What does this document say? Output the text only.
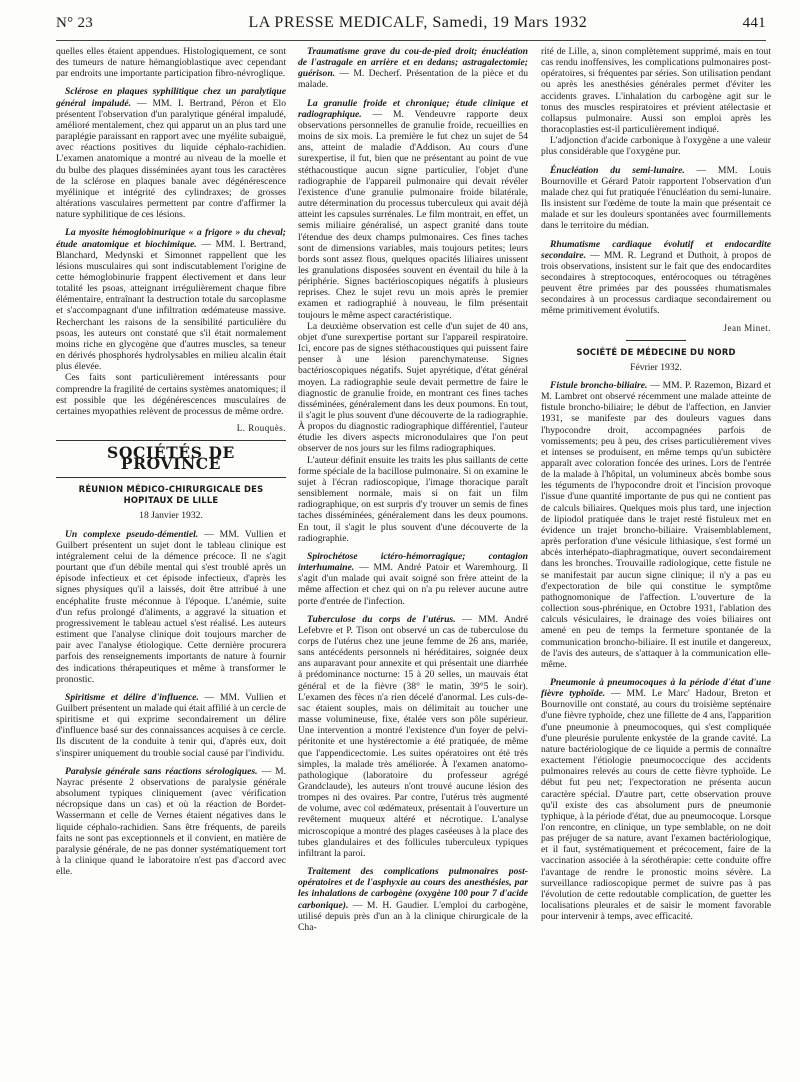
N° 23	LA PRESSE MEDICALF, Samedi, 19 Mars 1932	441

quelles elles étaient appendues. Histologiquement, ce sont des tumeurs de nature hémangioblastique avec cependant par endroits une importante participation fibro-névroglique.

Sclérose en plaques syphilitique chez un paralytique général impaludé. — MM. I. Bertrand, Péron et Elo présentent l'observation d'un paralytique général impaludé, amélioré mentalement, chez qui apparut un an plus tard une paraplégie paraissant en rapport avec une myélite subaiguë, avec réactions positives du liquide céphalo-rachidien. L'examen anatomique a montré au niveau de la moelle et du bulbe des plaques disséminées ayant tous les caractères de la sclérose en plaques banale avec dégénérescence myélinique et intégrité des cylindraxes; de grosses altérations vasculaires permettent par contre d'affirmer la nature syphilitique de ces lésions.

La myosite hémoglobinurique « a frigore » du cheval; étude anatomique et biochimique. — MM. I. Bertrand, Blanchard, Medynski et Simonnet rappellent que les lésions musculaires qui sont indiscutablement l'origine de cette hémoglobinurie frappent électivement et dans leur totalité les psoas, atteignant irrégulièrement chaque fibre élémentaire, entraînant la destruction totale du sarcoplasme et s'accompagnant d'une infiltration œdémateuse massive. Recherchant les raisons de la sensibilité particulière du psoas, les auteurs ont constaté que s'il était normalement moins riche en glycogène que d'autres muscles, sa teneur en dérivés phosphorés hydrolysables en milieu alcalin était plus élevée.

Ces faits sont particulièrement intéressants pour comprendre la fragilité de certains systèmes anatomiques; il est possible que les dégénérescences musculaires de certaines myopathies relèvent de processus de même ordre.

L. Rouquès.
SOCIÉTÉS DE PROVINCE
RÉUNION MÉDICO-CHIRURGICALE DES HOPITAUX DE LILLE
18 Janvier 1932.

Un complexe pseudo-démentiel. — MM. Vullien et Guilbert présentent un sujet dont le tableau clinique est intégralement celui de la démence précoce. Il ne s'agit pourtant que d'un débile mental qui s'est troublé après un épisode infectieux et cet épisode infectieux, d'après les signes physiques qu'il a laissés, doit être attribué à une encéphalite fruste méconnue à l'époque. L'anémie, suite d'un refus prolongé d'aliments, a aggravé la situation et progressivement le tableau actuel s'est réalisé. Les auteurs estiment que l'analyse clinique doit toujours marcher de pair avec l'analyse étiologique. Cette dernière procurera parfois des renseignements importants de nature à fournir des indications thérapeutiques et même à transformer le pronostic.

Spiritisme et délire d'influence. — MM. Vullien et Guilbert présentent un malade qui était affilié à un cercle de spiritisme et qui exprime secondairement un délire d'influence basé sur des connaissances acquises à ce cercle. Ils discutent de la conduite à tenir qui, d'après eux, doit s'inspirer uniquement du trouble social causé par l'individu.

Paralysie générale sans réactions sérologiques. — M. Nayrac présente 2 observations de paralysie générale absolument typiques cliniquement (avec vérification nécropsique dans un cas) et où la réaction de Bordet-Wassermann et celle de Vernes étaient négatives dans le liquide céphalo-rachidien. Sans être fréquents, de pareils faits ne sont pas exceptionnels et il convient, en matière de paralysie générale, de ne pas donner systématiquement tort à la clinique quand le laboratoire n'est pas d'accord avec elle.

Traumatisme grave du cou-de-pied droit; énucléation de l'astragale en arrière et en dedans; astragalectomie; guérison. — M. Decherf. Présentation de la pièce et du malade.

La granulie froide et chronique; étude clinique et radiographique. — M. Vendeuvre rapporte deux observations personnelles de granulie froide, recueillies en moins de six mois. La première le fut chez un sujet de 54 ans, atteint de maladie d'Addison. Au cours d'une surexpertise, il fut, bien que ne présentant au point de vue stéthacoustique aucun signe particulier, l'objet d'une radiographie de l'appareil pulmonaire qui devait révéler l'existence d'une granulie pulmonaire froide bilatérale, autre détermination du processus tuberculeux qui avait déjà atteint les capsules surrénales. Le film montrait, en effet, un semis miliaire généralisé, un aspect granité dans toute l'étendue des deux champs pulmonaires. Ces fines taches sont de dimensions variables, mais toujours petites; leurs bords sont assez flous, quelques opacités liliaires unissent les granulations disposées souvent en éventail du hile à la périphérie. Signes bactérioscopiques négatifs à plusieurs reprises. Chez le sujet revu un mois après le premier examen et radiographié à nouveau, le film présentait toujours le même aspect caractéristique.

La deuxième observation est celle d'un sujet de 40 ans, objet d'une surexpertise portant sur l'appareil respiratoire. Ici, encore pas de signes stéthacoustiques qui puissent faire penser à une lésion parenchymateuse. Signes bactérioscopiques négatifs. Sujet apyrétique, d'état général moyen. La radiographie seule devait permettre de faire le diagnostic de granulie froide, en montrant ces fines taches disséminées, généralement dans les deux poumons. En tout, il s'agit le plus souvent d'une découverte de la radiographie. À propos du diagnostic radiographique différentiel, l'auteur étudie les divers aspects micronodulaires que l'on peut observer de nos jours sur les films radiographiques.

L'auteur définit ensuite les traits les plus saillants de cette forme spéciale de la bacillose pulmonaire. Si on examine le sujet à l'écran radioscopique, l'image thoracique paraît sensiblement normale, mais si on fait un film radiographique, on est surpris d'y trouver un semis de fines taches disséminées, généralement dans les deux poumons. En tout, il s'agit le plus souvent d'une découverte de la radiographie.

Spirochétose ictéro-hémorragique; contagion interhumaine. — MM. André Patoir et Waremhourg. Il s'agit d'un malade qui avait soigné son frère atteint de la même affection et chez qui on n'a pu relever aucune autre porte d'entrée de l'infection.

Tuberculose du corps de l'utérus. — MM. André Lefebvre et P. Tison ont observé un cas de tuberculose du corps de l'utérus chez une jeune femme de 26 ans, mariée, sans antécédents personnels ni héréditaires, soignée deux ans auparavant pour annexite et qui présentait une diarrhée à prédominance nocturne: 15 à 20 selles, un mauvais état général et de la fièvre (38° le matin, 39°5 le soir). L'examen des fèces n'a rien décelé d'anormal. Les culs-de-sac étaient souples, mais on délimitait au toucher une masse volumineuse, fixe, étalée vers son pôle supérieur. Une intervention a montré l'existence d'un foyer de pelvi-péritonite et une hystérectomie a été pratiquée, de même que l'appendicectomie. Les suites opératoires ont été très simples, la malade très améliorée. À l'examen anatomo-pathologique (laboratoire du professeur agrégé Grandclaude), les auteurs n'ont trouvé aucune lésion des trompes ni des ovaires. Par contre, l'utérus très augmenté de volume, avec col œdémateux, présentait à l'ouverture un revêtement muqueux altéré et nécrotique. L'analyse microscopique a montré des plages caséeuses à la place des tubes glandulaires et des follicules tuberculeux typiques infiltrant la paroi.

Traitement des complications pulmonaires post-opératoires et de l'asphyxie au cours des anesthésies, par les inhalations de carbogène (oxygène 100 pour 7 d'acide carbonique). — M. H. Gaudier. L'emploi du carbogène, utilisé depuis près d'un an à la clinique chirurgicale de la Cha-

rité de Lille, a, sinon complètement supprimé, mais en tout cas rendu inoffensives, les complications pulmonaires post-opératoires, si fréquentes par séries. Son utilisation pendant ou après les anesthésies générales permet d'éviter les accidents graves. L'inhalation du carbogène agit sur le tonus des muscles respiratoires et prévient atélectasie et collapsus pulmonaire. Aussi son emploi après les thoracoplasties est-il particulièrement indiqué.

L'adjonction d'acide carbonique à l'oxygène a une valeur plus considérable que l'oxygène pur.

Énucléation du semi-lunaire. — MM. Louis Bournoville et Gérard Patoir rapportent l'observation d'un malade chez qui fut pratiquée l'énucléation du semi-lunaire. Ils insistent sur l'œdème de toute la main que présentait ce malade et sur les douleurs spontanées avec fourmillements dans le territoire du médian.

Rhumatisme cardiaque évolutif et endocardite secondaire. — MM. R. Legrand et Duthoit, à propos de trois observations, insistent sur le fait que des endocardites secondaires à streptocoques, entérocoques ou tétragènes peuvent être primées par des poussées rhumatismales secondaires à un processus cardiaque secondairement ou même primitivement évolutifs.

Jean Minet.
SOCIÉTÉ DE MÉDECINE DU NORD
Février 1932.

Fistule broncho-biliaire. — MM. P. Razemon, Bizard et M. Lambret ont observé récemment une malade atteinte de fistule broncho-biliaire; le début de l'affection, en Janvier 1931, se manifeste par des douleurs vagues dans l'hypocondre droit, accompagnées parfois de vomissements; peu à peu, des crises particulièrement vives et intenses se produisent, en même temps qu'un subictère apparaît avec coloration foncée des urines. Lors de l'entrée de la malade à l'hôpital, un volumineux abcès bombe sous les téguments de l'hypocondre droit et l'incision provoque l'issue d'une quantité importante de pus qui ne contient pas de calculs biliaires. Quelques mois plus tard, une injection de lipiodol pratiquée dans le trajet resté fistuleux met en évidence un trajet broncho-biliaire. Vraisemblablement, après perforation d'une vésicule lithiasique, s'est formé un abcès interhépato-diaphragmatique, ouvert secondairement dans les bronches. Trouvaille radiologique, cette fistule ne se manifestait par aucun signe clinique; il n'y a pas eu d'expectoration de bile qui constitue le symptôme pathognomonique de l'affection. L'ouverture de la collection sous-phrénique, en Octobre 1931, l'ablation des calculs vésiculaires, le drainage des voies biliaires ont amené en peu de temps la fermeture spontanée de la communication broncho-biliaire. Il est inutile et dangereux, de l'avis des auteurs, de s'attaquer à la communication elle-même.

Pneumonie à pneumocoques à la période d'état d'une fièvre typhoïde. — MM. Le Marc' Hadour, Breton et Bournoville ont constaté, au cours du troisième septénaire d'une fièvre typhoïde, chez une fillette de 4 ans, l'apparition d'une pneumonie à pneumocoques, qui s'est compliquée d'une pleurésie purulente enkystée de la grande cavité. La nature bactériologique de ce liquide a permis de connaître exactement l'étiologie pneumococcique des accidents pulmonaires relevés au cours de cette fièvre typhoïde. Le début fut peu net; l'expectoration ne présenta aucun caractère spécial. D'autre part, cette observation prouve qu'il existe des cas absolument purs de pneumonie typhique, à la période d'état, due au pneumocoque. Lorsque l'on rencontre, en clinique, un type semblable, on ne doit pas préjuger de sa nature, avant l'examen bactériologique, et il faut, systématiquement et précocement, faire de la vaccination associée à la sérothérapie: cette conduite offre l'avantage de rendre le pronostic moins sévère. La surveillance radioscopique permet de suivre pas à pas l'évolution de cette redoutable complication, de guetter les localisations pleurales et de saisir le moment favorable pour intervenir à temps, avec efficacité.
